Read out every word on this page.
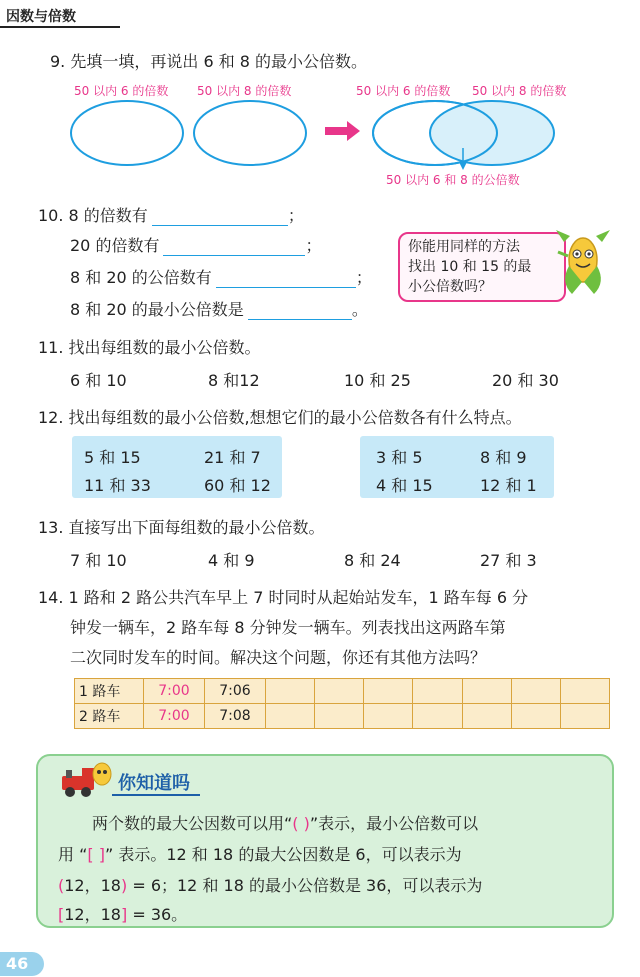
因数与倍数
9. 先填一填，再说出 6 和 8 的最小公倍数。
50 以内 6 的倍数 50 以内 8 的倍数	50 以内 6 的倍数 50 以内 8 的倍数
50 以内 6 和 8 的公倍数
10. 8 的倍数有	；
20 的倍数有	；
8 和 20 的公倍数有	；
8 和 20 的最小公倍数是	。
你能用同样的方法
找出 10 和 15 的最
小公倍数吗？
11. 找出每组数的最小公倍数。
6 和 10	8 和12	10 和 25	20 和 30
12. 找出每组数的最小公倍数,想想它们的最小公倍数各有什么特点。
5 和 15	21 和 7
11 和 33	60 和 12
3 和 5	8 和 9
4 和 15	12 和 1
13. 直接写出下面每组数的最小公倍数。
7 和 10	4 和 9	8 和 24	27 和 3
14. 1 路和 2 路公共汽车早上 7 时同时从起始站发车，1 路车每 6 分
钟发一辆车，2 路车每 8 分钟发一辆车。列表找出这两路车第
二次同时发车的时间。解决这个问题，你还有其他方法吗？
1 路车	7:00	7:06							
2 路车	7:00	7:08							
你知道吗
两个数的最大公因数可以用“( )”表示，最小公倍数可以
用 “[ ]” 表示。12 和 18 的最大公因数是 6，可以表示为
(12，18) = 6；12 和 18 的最小公倍数是 36，可以表示为
[12，18] = 36。
46
